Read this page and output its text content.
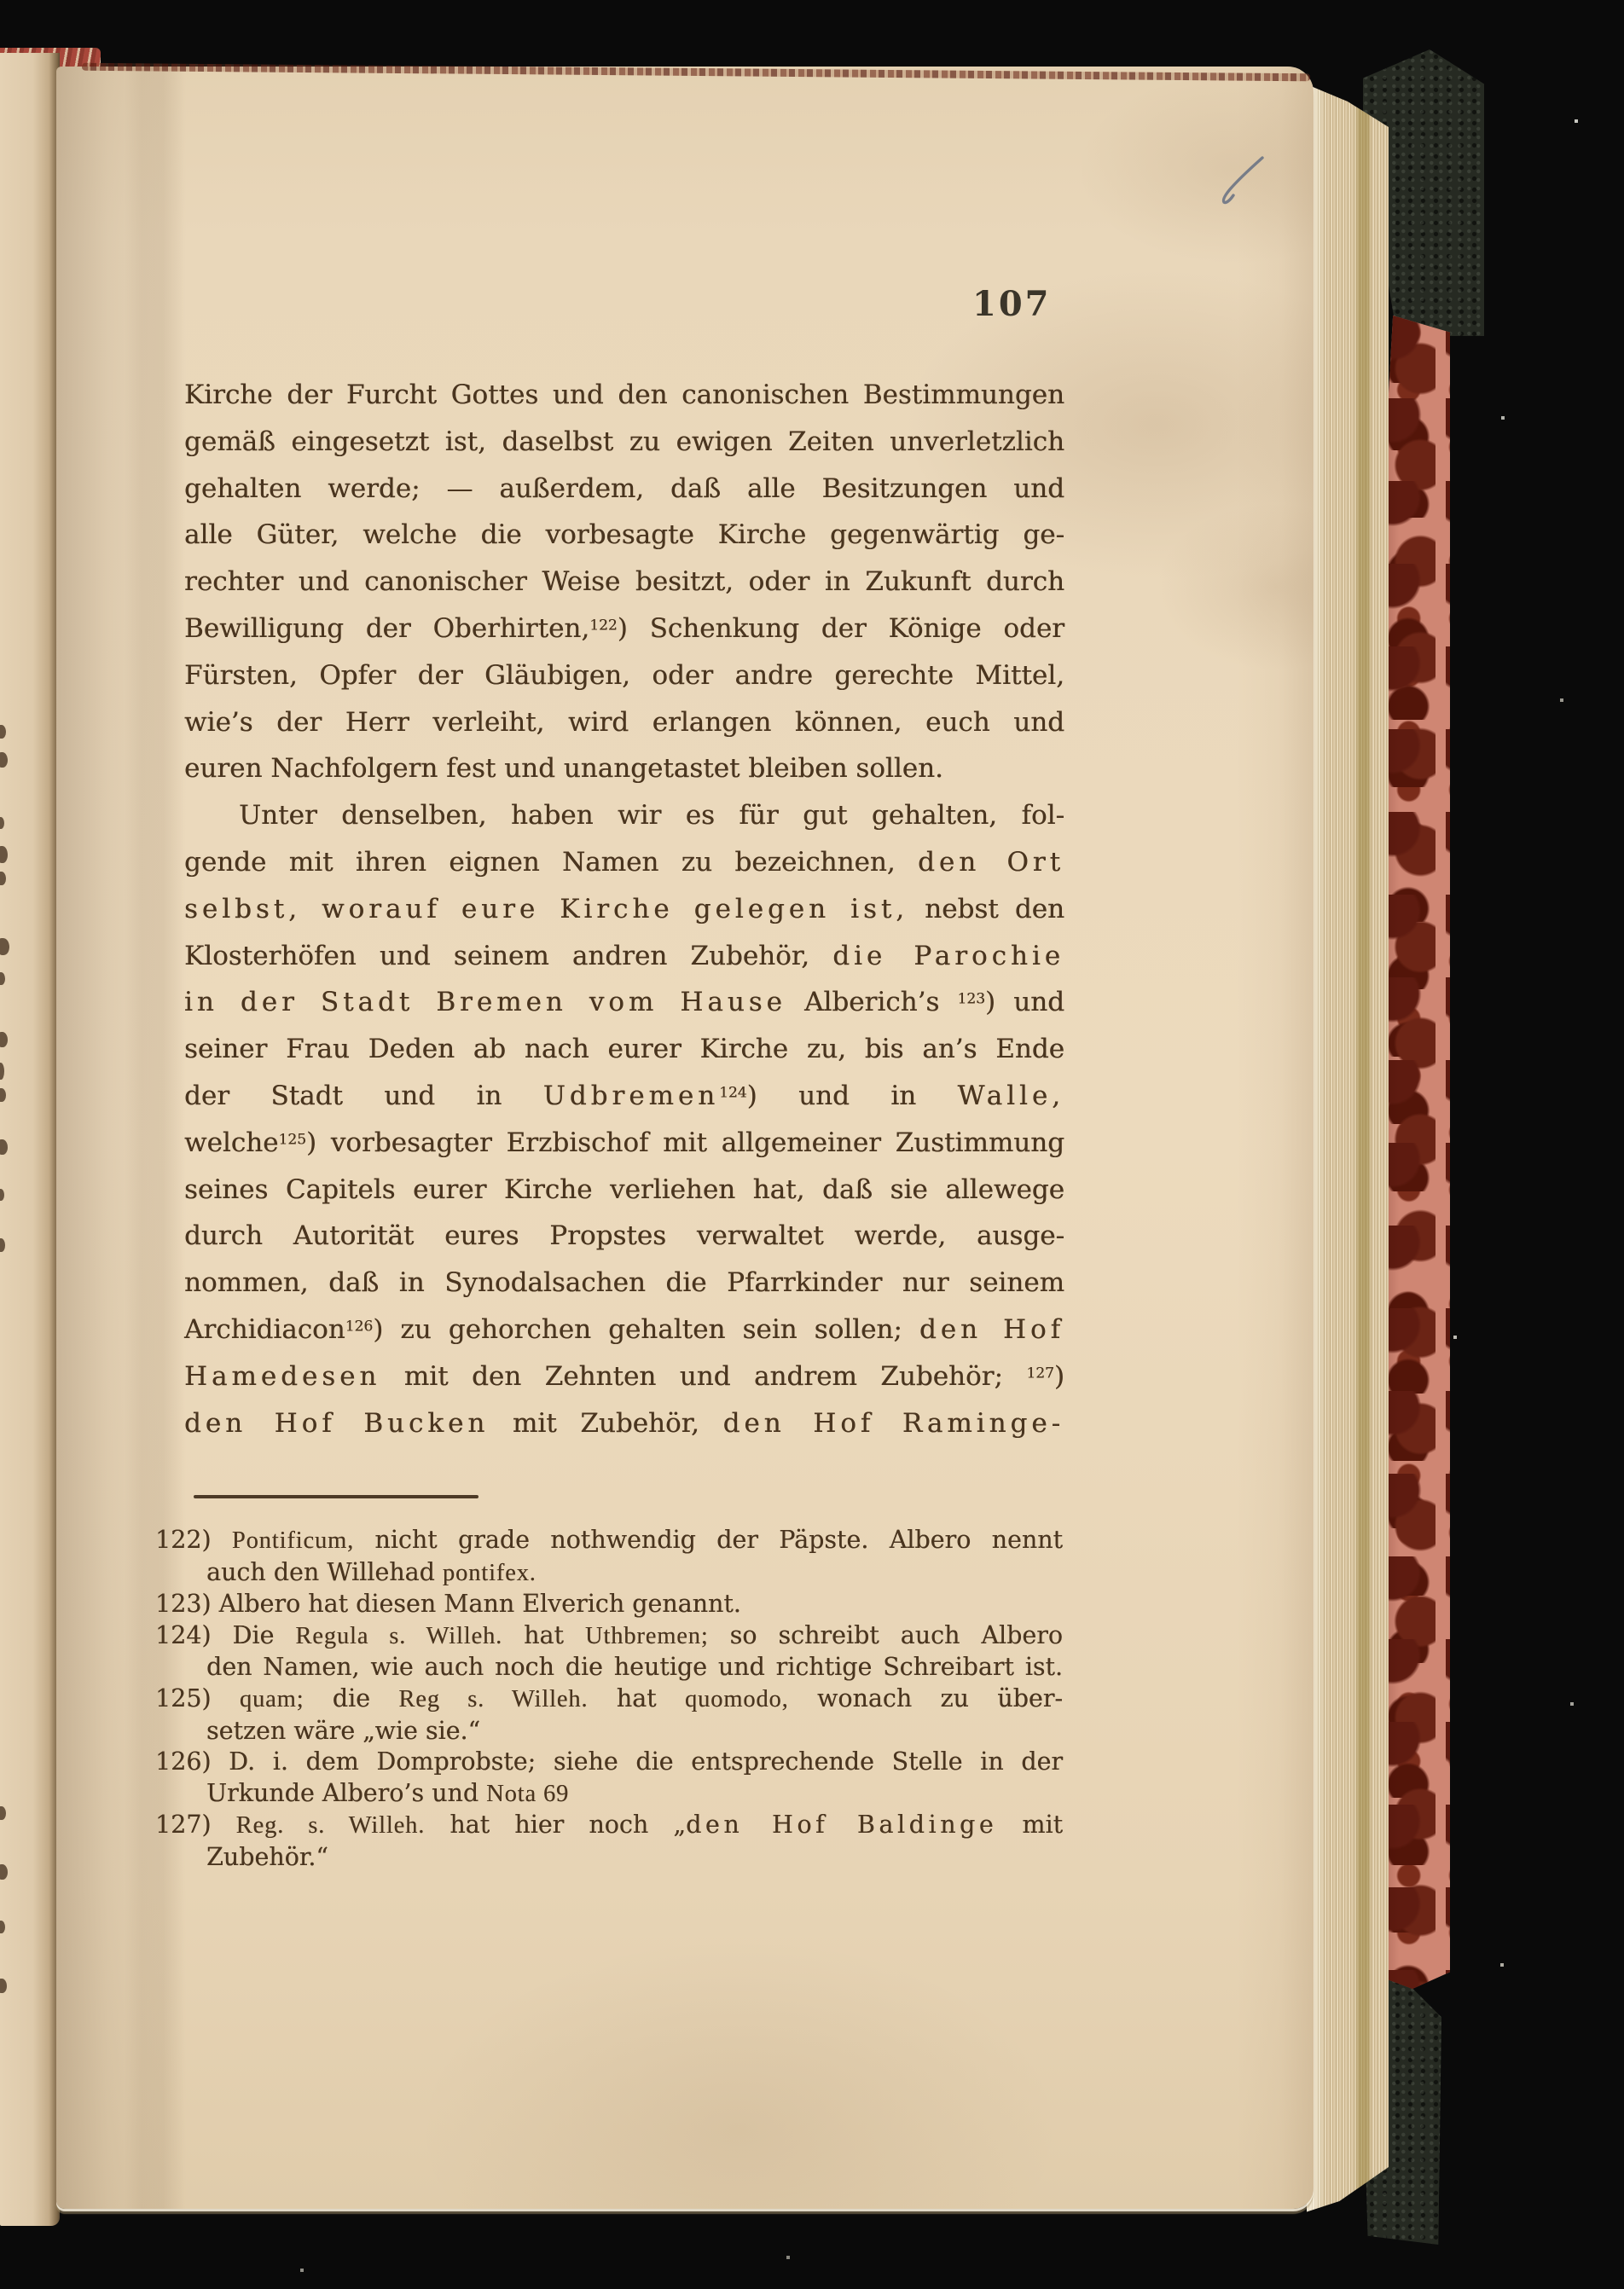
107
Kirche der Furcht Gottes und den canonischen Bestimmungen
gemäß eingesetzt ist, daselbst zu ewigen Zeiten unverletzlich
gehalten werde; — außerdem, daß alle Besitzungen und
alle Güter, welche die vorbesagte Kirche gegenwärtig ge-
rechter und canonischer Weise besitzt, oder in Zukunft durch
Bewilligung der Oberhirten,$^{122}$) Schenkung der Könige oder
Fürsten, Opfer der Gläubigen, oder andre gerechte Mittel,
wie’s der Herr verleiht, wird erlangen können, euch und
euren Nachfolgern fest und unangetastet bleiben sollen.
Unter denselben, haben wir es für gut gehalten, fol-
gende mit ihren eignen Namen zu bezeichnen, den Ort
selbst, worauf eure Kirche gelegen ist, nebst den
Klosterhöfen und seinem andren Zubehör, die Parochie
in der Stadt Bremen vom Hause Alberich’s $^{123}$) und
seiner Frau Deden ab nach eurer Kirche zu, bis an’s Ende
der Stadt und in Udbremen$^{124}$) und in Walle,
welche$^{125}$) vorbesagter Erzbischof mit allgemeiner Zustimmung
seines Capitels eurer Kirche verliehen hat, daß sie allewege
durch Autorität eures Propstes verwaltet werde, ausge-
nommen, daß in Synodalsachen die Pfarrkinder nur seinem
Archidiacon$^{126}$) zu gehorchen gehalten sein sollen; den Hof
Hamedesen mit den Zehnten und andrem Zubehör; $^{127}$)
den Hof Bucken mit Zubehör, den Hof Raminge-
122) Pontificum, nicht grade nothwendig der Päpste. Albero nennt
auch den Willehad pontifex.
123) Albero hat diesen Mann Elverich genannt.
124) Die Regula s. Willeh. hat Uthbremen; so schreibt auch Albero
den Namen, wie auch noch die heutige und richtige Schreibart ist.
125) quam; die Reg s. Willeh. hat quomodo, wonach zu über-
setzen wäre „wie sie.“
126) D. i. dem Domprobste; siehe die entsprechende Stelle in der
Urkunde Albero’s und Nota 69
127) Reg. s. Willeh. hat hier noch „den Hof Baldinge mit
Zubehör.“
